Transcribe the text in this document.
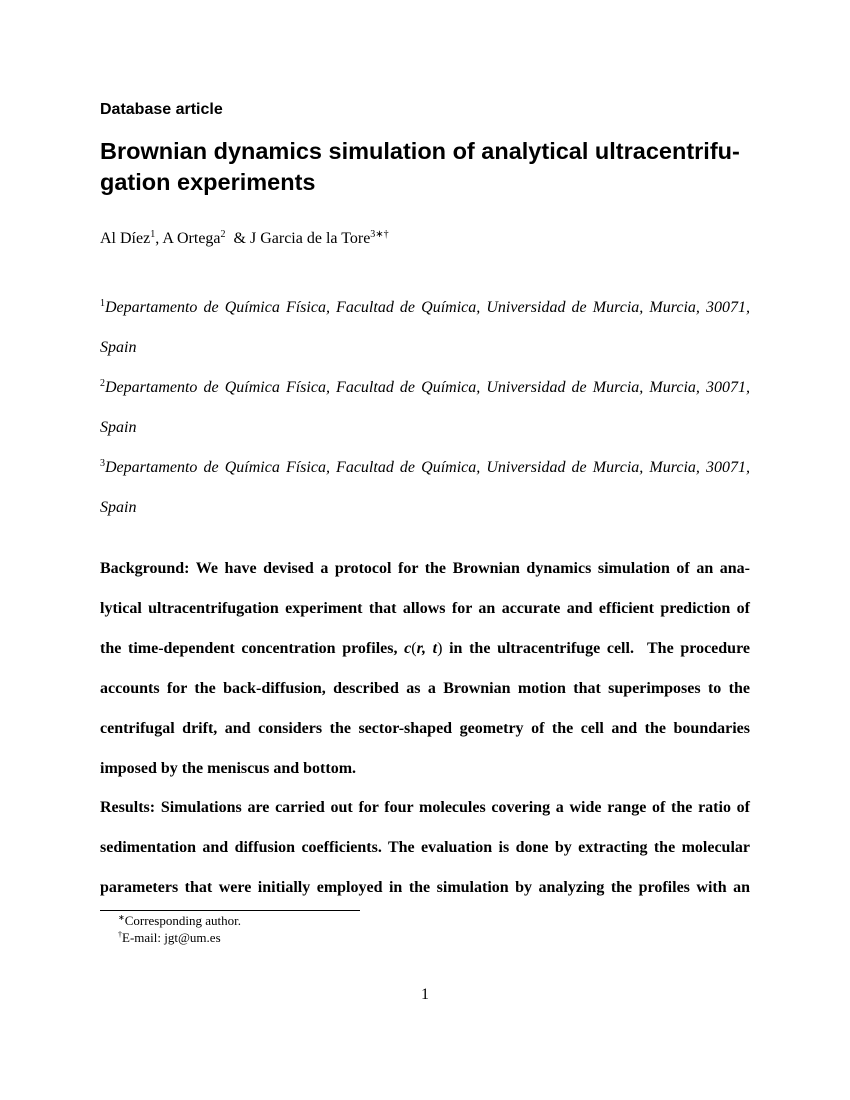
Database article
Brownian dynamics simulation of analytical ultracentrifu-
gation experiments
Al Díez$^1$, A Ortega$^2$  & J Garcia de la Tore$^{3∗\dagger}$
$^1$Departamento de Química Física, Facultad de Química, Universidad de Murcia, Murcia, 30071,
Spain
$^2$Departamento de Química Física, Facultad de Química, Universidad de Murcia, Murcia, 30071,
Spain
$^3$Departamento de Química Física, Facultad de Química, Universidad de Murcia, Murcia, 30071,
Spain
Background: We have devised a protocol for the Brownian dynamics simulation of an ana-
lytical ultracentrifugation experiment that allows for an accurate and efficient prediction of
the time-dependent concentration profiles, c(r, t) in the ultracentrifuge cell.  The procedure
accounts for the back-diffusion, described as a Brownian motion that superimposes to the
centrifugal drift, and considers the sector-shaped geometry of the cell and the boundaries
imposed by the meniscus and bottom.
Results: Simulations are carried out for four molecules covering a wide range of the ratio of
sedimentation and diffusion coefficients. The evaluation is done by extracting the molecular
parameters that were initially employed in the simulation by analyzing the profiles with an
∗Corresponding author.
†E-mail: jgt@um.es
1
